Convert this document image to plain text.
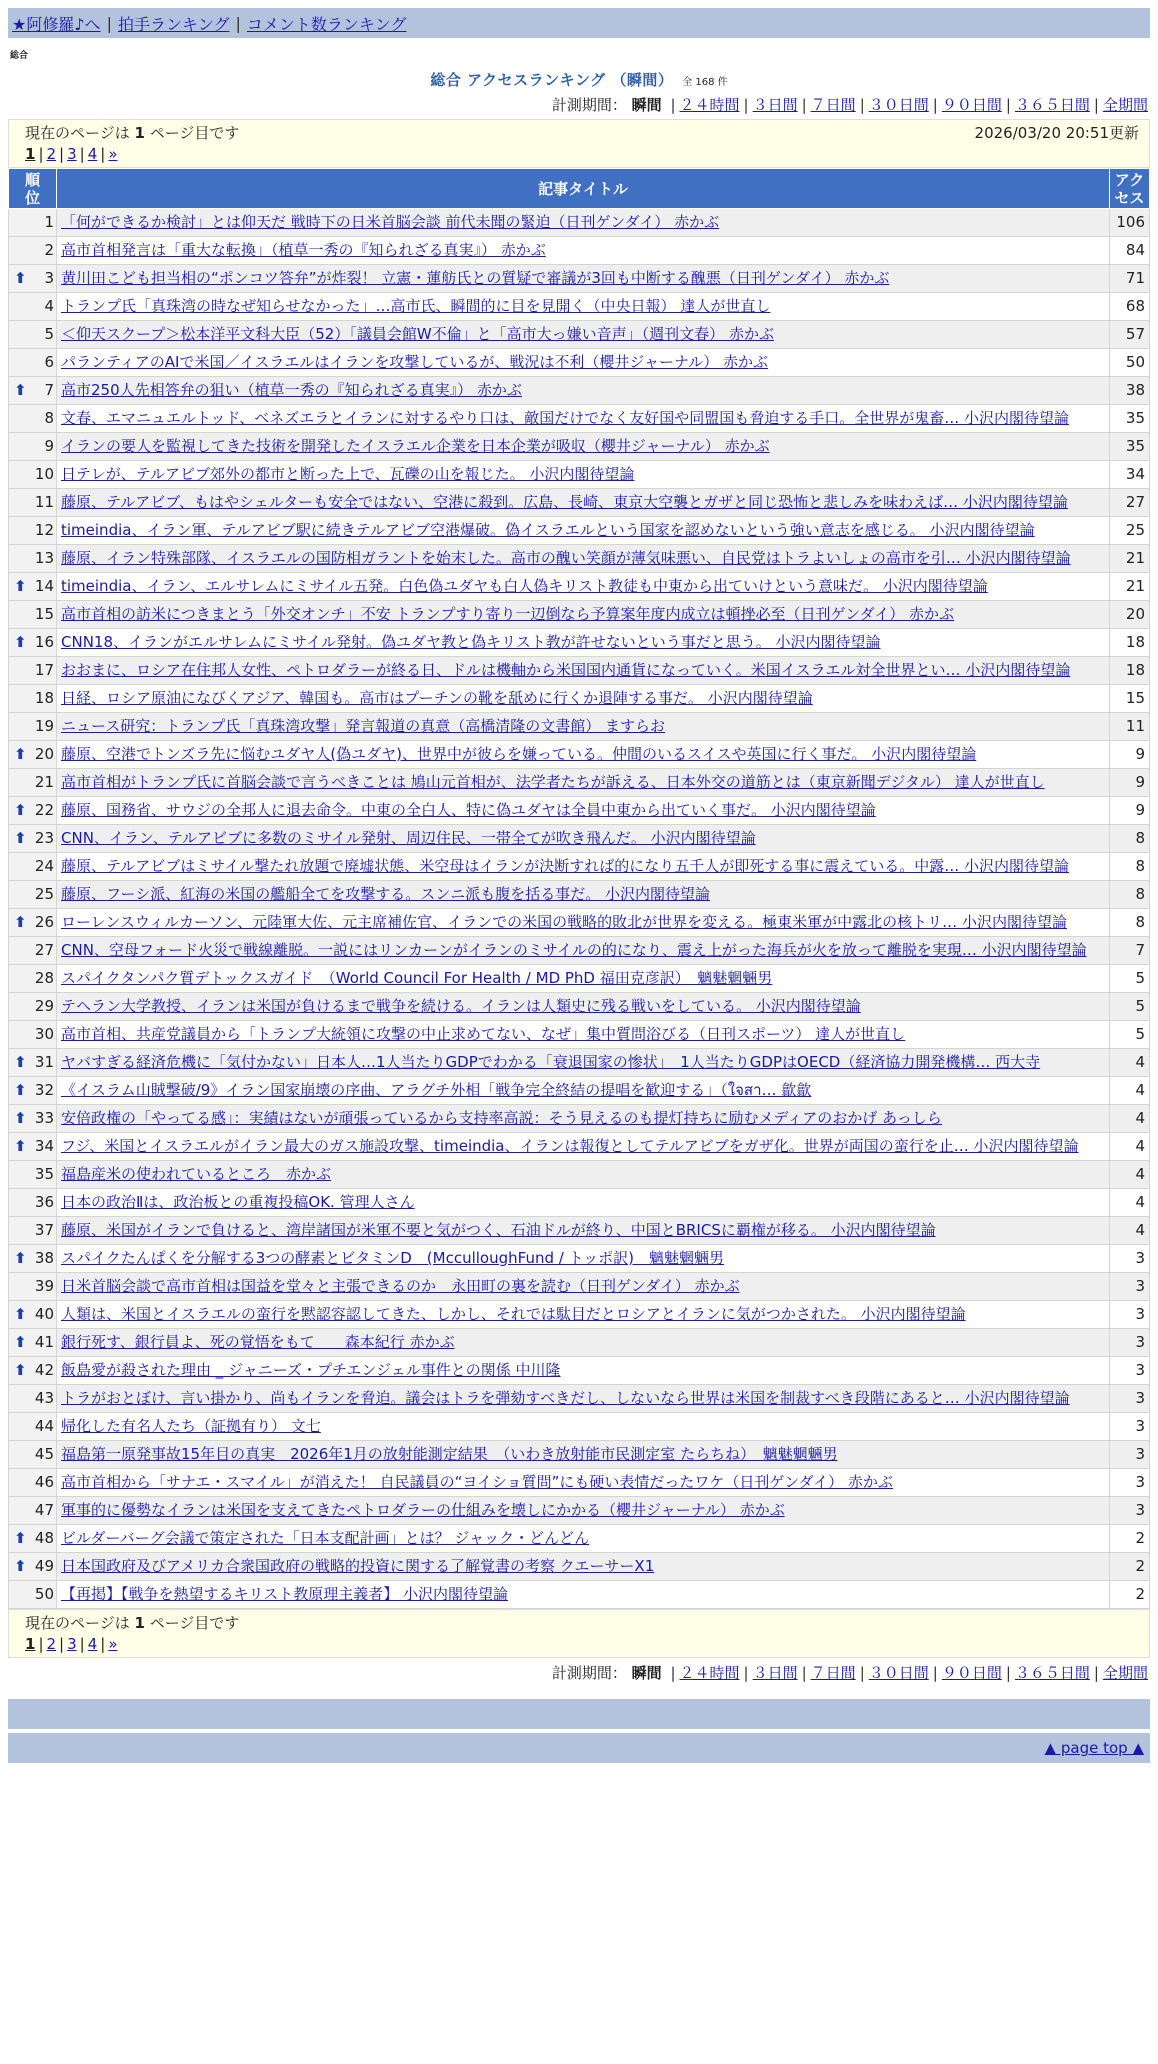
★阿修羅♪へ | 拍手ランキング | コメント数ランキング
総合
総合 アクセスランキング （瞬間） 全 168 件
計測期間： 瞬間 | ２４時間 | ３日間 | ７日間 | ３０日間 | ９０日間 | ３６５日間 | 全期間
現在のページは 1 ページ目です	2026/03/20 20:51更新
1 | 2 | 3 | 4 | »
順位	記事タイトル	アクセス
1	「何ができるか検討」とは仰天だ 戦時下の日米首脳会談 前代未聞の緊迫（日刊ゲンダイ） 赤かぶ	106
2	高市首相発言は「重大な転換」（植草一秀の『知られざる真実』） 赤かぶ	84

⬆ 3	黄川田こども担当相の“ポンコツ答弁”が炸裂！ 立憲・蓮舫氏との質疑で審議が3回も中断する醜悪（日刊ゲンダイ） 赤かぶ	71
4	トランプ氏「真珠湾の時なぜ知らせなかった」…高市氏、瞬間的に目を見開く（中央日報） 達人が世直し	68
5	＜仰天スクープ＞松本洋平文科大臣（52）「議員会館W不倫」と「高市大っ嫌い音声」（週刊文春） 赤かぶ	57
6	パランティアのAIで米国／イスラエルはイランを攻撃しているが、戦況は不利（櫻井ジャーナル） 赤かぶ	50

⬆ 7	高市250人先相答弁の狙い（植草一秀の『知られざる真実』） 赤かぶ	38
8	文春、エマニュエルトッド、ベネズエラとイランに対するやり口は、敵国だけでなく友好国や同盟国も脅迫する手口。全世界が鬼畜… 小沢内閣待望論	35
9	イランの要人を監視してきた技術を開発したイスラエル企業を日本企業が吸収（櫻井ジャーナル） 赤かぶ	35
10	日テレが、テルアビブ郊外の都市と断った上で、瓦礫の山を報じた。 小沢内閣待望論	34
11	藤原、テルアビブ、もはやシェルターも安全ではない、空港に殺到。広島、長崎、東京大空襲とガザと同じ恐怖と悲しみを味わえば… 小沢内閣待望論	27
12	timeindia、イラン軍、テルアビブ駅に続きテルアビブ空港爆破。偽イスラエルという国家を認めないという強い意志を感じる。 小沢内閣待望論	25
13	藤原、イラン特殊部隊、イスラエルの国防相ガラントを始末した。高市の醜い笑顔が薄気味悪い、自民党はトラよいしょの高市を引… 小沢内閣待望論	21

⬆ 14	timeindia、イラン、エルサレムにミサイル五発。白色偽ユダヤも白人偽キリスト教徒も中東から出ていけという意味だ。 小沢内閣待望論	21
15	高市首相の訪米につきまとう「外交オンチ」不安 トランプすり寄り一辺倒なら予算案年度内成立は頓挫必至（日刊ゲンダイ） 赤かぶ	20

⬆ 16	CNN18、イランがエルサレムにミサイル発射。偽ユダヤ教と偽キリスト教が許せないという事だと思う。 小沢内閣待望論	18
17	おおまに、ロシア在住邦人女性、ペトロダラーが終る日、ドルは機軸から米国国内通貨になっていく。米国イスラエル対全世界とい… 小沢内閣待望論	18
18	日経、ロシア原油になびくアジア、韓国も。高市はプーチンの靴を舐めに行くか退陣する事だ。 小沢内閣待望論	15
19	ニュース研究：トランプ氏「真珠湾攻撃」発言報道の真意（高橋清隆の文書館） ますらお	11

⬆ 20	藤原、空港でトンズラ先に悩むユダヤ人(偽ユダヤ)、世界中が彼らを嫌っている。仲間のいるスイスや英国に行く事だ。 小沢内閣待望論	9
21	高市首相がトランプ氏に首脳会談で言うべきことは 鳩山元首相が、法学者たちが訴える、日本外交の道筋とは（東京新聞デジタル） 達人が世直し	9

⬆ 22	藤原、国務省、サウジの全邦人に退去命令。中東の全白人、特に偽ユダヤは全員中東から出ていく事だ。 小沢内閣待望論	9

⬆ 23	CNN、イラン、テルアビブに多数のミサイル発射、周辺住民、一帯全てが吹き飛んだ。 小沢内閣待望論	8
24	藤原、テルアビブはミサイル撃たれ放題で廃墟状態、米空母はイランが決断すれば的になり五千人が即死する事に震えている。中露… 小沢内閣待望論	8
25	藤原、フーシ派、紅海の米国の艦船全てを攻撃する。スンニ派も腹を括る事だ。 小沢内閣待望論	8

⬆ 26	ローレンスウィルカーソン、元陸軍大佐、元主席補佐官、イランでの米国の戦略的敗北が世界を変える。極東米軍が中露北の核トリ… 小沢内閣待望論	8
27	CNN、空母フォード火災で戦線離脱。一説にはリンカーンがイランのミサイルの的になり、震え上がった海兵が火を放って離脱を実現… 小沢内閣待望論	7
28	スパイクタンパク質デトックスガイド　（World Council For Health / MD PhD 福田克彦訳）　魑魅魍魎男	5
29	テヘラン大学教授、イランは米国が負けるまで戦争を続ける。イランは人類史に残る戦いをしている。 小沢内閣待望論	5
30	高市首相、共産党議員から「トランプ大統領に攻撃の中止求めてない、なぜ」集中質問浴びる（日刊スポーツ） 達人が世直し	5

⬆ 31	ヤバすぎる経済危機に「気付かない」日本人…1人当たりGDPでわかる「衰退国家の惨状」　1人当たりGDPはOECD（経済協力開発機構… 西大寺	4

⬆ 32	《イスラム山賊撃破/9》イラン国家崩壊の序曲、アラグチ外相「戦争完全終結の提唱を歓迎する」（ใจสา… 歙歙	4

⬆ 33	安倍政権の「やってる感」：実績はないが頑張っているから支持率高説：そう見えるのも提灯持ちに励むメディアのおかげ あっしら	4

⬆ 34	フジ、米国とイスラエルがイラン最大のガス施設攻撃、timeindia、イランは報復としてテルアビブをガザ化。世界が両国の蛮行を止… 小沢内閣待望論	4
35	福島産米の使われているところ　赤かぶ	4
36	日本の政治Ⅱは、政治板との重複投稿OK. 管理人さん	4
37	藤原、米国がイランで負けると、湾岸諸国が米軍不要と気がつく、石油ドルが終り、中国とBRICSに覇権が移る。 小沢内閣待望論	4

⬆ 38	スパイクたんぱくを分解する3つの酵素とビタミンD　(McculloughFund / トッポ訳)　魑魅魍魎男	3
39	日米首脳会談で高市首相は国益を堂々と主張できるのか　永田町の裏を読む（日刊ゲンダイ） 赤かぶ	3

⬆ 40	人類は、米国とイスラエルの蛮行を黙認容認してきた、しかし、それでは駄目だとロシアとイランに気がつかされた。 小沢内閣待望論	3

⬆ 41	銀行死す、銀行員よ、死の覚悟をもて　　森本紀行 赤かぶ	3

⬆ 42	飯島愛が殺された理由 _ ジャニーズ・プチエンジェル事件との関係 中川隆	3
43	トラがおとぼけ、言い掛かり、尚もイランを脅迫。議会はトラを弾劾すべきだし、しないなら世界は米国を制裁すべき段階にあると… 小沢内閣待望論	3
44	帰化した有名人たち（証拠有り） 文七	3
45	福島第一原発事故15年目の真実　2026年1月の放射能測定結果　（いわき放射能市民測定室 たらちね）　魑魅魍魎男	3
46	高市首相から「サナエ・スマイル」が消えた！ 自民議員の“ヨイショ質問”にも硬い表情だったワケ（日刊ゲンダイ） 赤かぶ	3
47	軍事的に優勢なイランは米国を支えてきたペトロダラーの仕組みを壊しにかかる（櫻井ジャーナル） 赤かぶ	3

⬆ 48	ビルダーバーグ会議で策定された「日本支配計画」とは？ ジャック・どんどん	2

⬆ 49	日本国政府及びアメリカ合衆国政府の戦略的投資に関する了解覚書の考察 クエーサーX1	2
50	【再掲】【戦争を熱望するキリスト教原理主義者】 小沢内閣待望論	2
現在のページは 1 ページ目です
1 | 2 | 3 | 4 | »
計測期間： 瞬間 | ２４時間 | ３日間 | ７日間 | ３０日間 | ９０日間 | ３６５日間 | 全期間
▲ page top ▲
